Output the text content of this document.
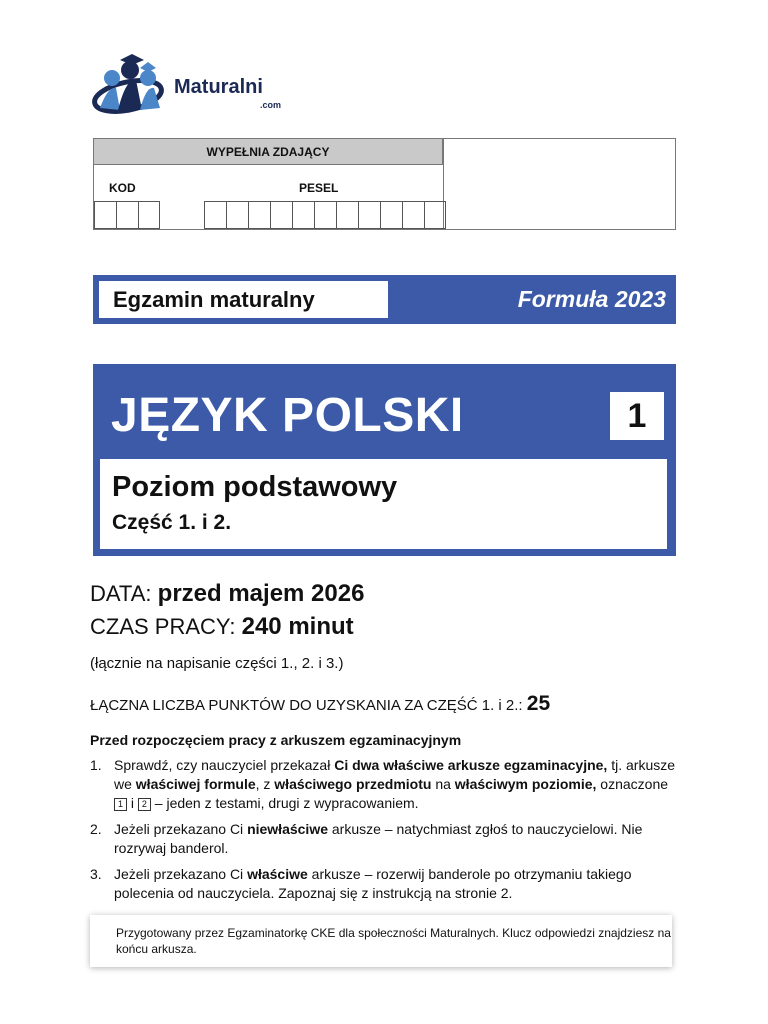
Maturalni
.com
WYPEŁNIA ZDAJĄCY
KOD	PESEL
Egzamin maturalny	Formuła 2023
JĘZYK POLSKI	1
Poziom podstawowy
Część 1. i 2.
DATA: przed majem 2026
CZAS PRACY: 240 minut
(łącznie na napisanie części 1., 2. i 3.)
ŁĄCZNA LICZBA PUNKTÓW DO UZYSKANIA ZA CZĘŚĆ 1. i 2.: 25
Przed rozpoczęciem pracy z arkuszem egzaminacyjnym
1. Sprawdź, czy nauczyciel przekazał Ci dwa właściwe arkusze egzaminacyjne, tj. arkusze we właściwej formule, z właściwego przedmiotu na właściwym poziomie, oznaczone 1 i 2 – jeden z testami, drugi z wypracowaniem.
2. Jeżeli przekazano Ci niewłaściwe arkusze – natychmiast zgłoś to nauczycielowi. Nie rozrywaj banderol.
3. Jeżeli przekazano Ci właściwe arkusze – rozerwij banderole po otrzymaniu takiego polecenia od nauczyciela. Zapoznaj się z instrukcją na stronie 2.
Przygotowany przez Egzaminatorkę CKE dla społeczności Maturalnych. Klucz odpowiedzi znajdziesz na końcu arkusza.
